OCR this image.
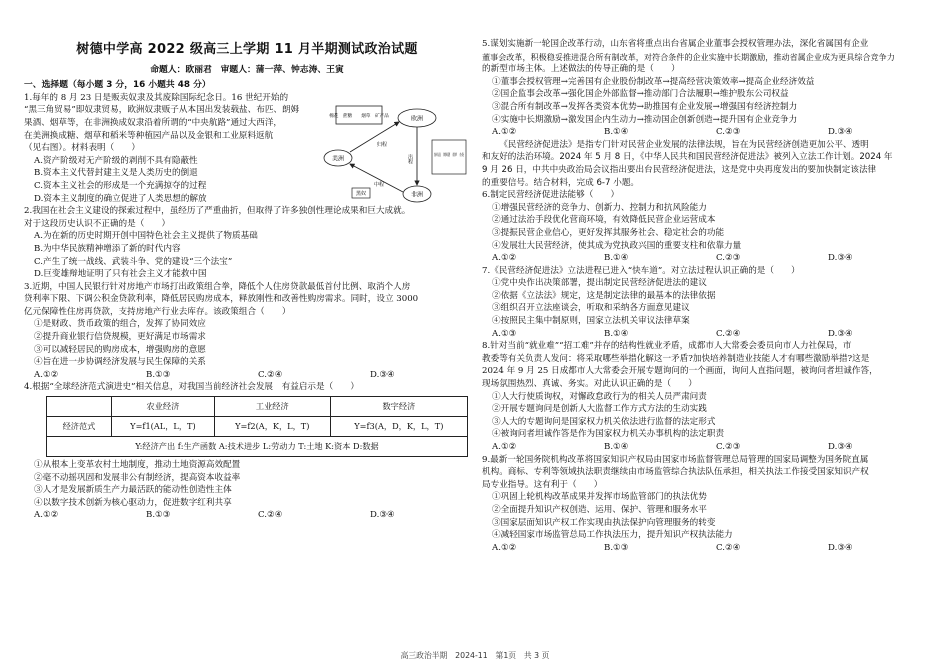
树德中学高 2022 级高三上学期 11 月半期测试政治试题
命题人：欧丽君　审题人：蒲一萍、钟志涛、王寅
一、选择题（每小题 3 分，16 小题共 48 分）

1.每年的 8 月 23 日是贩卖奴隶及其废除国际纪念日。16 世纪开始的

“黑三角贸易”即奴隶贸易，欧洲奴隶贩子从本国出发装载盐、布匹、朗姆

果酒、烟草等，在非洲换成奴隶沿着所谓的“中央航路”通过大西洋，

在美洲换成糖、烟草和稻米等种植园产品以及金银和工业原料返航

（见右图）。材料表明（　　）

A.资产阶级对无产阶级的剥削不具有隐蔽性

B.资本主义代替封建主义是人类历史的倒退

C.资本主义社会的形成是一个充满掠夺的过程

D.资本主义制度的确立促进了人类思想的解放

2.我国在社会主义建设的探索过程中，虽经历了严重曲折，但取得了许多独创性理论成果和巨大成就。

对于这段历史认识不正确的是（　　）

A.为在新的历史时期开创中国特色社会主义提供了物质基础

B.为中华民族精神增添了新的时代内容

C.产生了统一战线、武装斗争、党的建设“三个法宝”

D.巨变雄辩地证明了只有社会主义才能救中国

3.近期，中国人民银行针对房地产市场打出政策组合拳，降低个人住房贷款最低首付比例、取消个人房

贷利率下限、下调公积金贷款利率，降低居民购房成本，释放刚性和改善性购房需求。同时，设立 3000

亿元保障性住房再贷款，支持房地产行业去库存。该政策组合（　　）

①是财政、货币政策的组合，发挥了协同效应

②提升商业银行信贷规模，更好满足市场需求

③可以减轻居民的购房成本，增强购房的意愿

④旨在进一步协调经济发展与民生保障的关系

A.①②	B.①③	C.②④	D.③④

4.根据“全球经济范式演进史”相关信息，对我国当前经济社会发展　有益启示是（　　）

	农业经济	工业经济	数字经济
经济范式	Y=f1(AL，L，T)	Y=f2(A，K，L，T)	Y=f3(A，D，K，L，T)
Y:经济产出 f:生产函数 A:技术进步 L:劳动力 T:土地 K:资本 D:数据			

①从根本上变革农村土地制度，推动土地资源高效配置

②毫不动摇巩固和发展非公有制经济，提高资本收益率

③人才是发展新质生产力最活跃的能动性创造性主体

④以数字技术创新为核心驱动力，促进数字红利共享

A.①②	B.①③	C.②④	D.③④
棉花　蔗糖　　烟草　矿产品	欧洲
美洲
非洲
归程
出程
中程
黑奴
纺织品　朗姆酒　烟草　杂货

5.谋划实施新一轮国企改革行动，山东省将重点出台省属企业董事会授权管理办法，深化省属国有企业

董事会改革，积极稳妥推进混合所有制改革，对符合条件的企业实施中长期激励，推动省属企业成为更具综合竞争力

的新型市场主体。上述做法的传导正确的是（　　）

①董事会授权管理→完善国有企业股份制改革→提高经营决策效率→提高企业经济效益

②国企监事会改革→强化国企外部监督→推动部门合法履职→维护股东公司权益

③混合所有制改革→发挥各类资本优势→助推国有企业发展→增强国有经济控制力

④实施中长期激励→激发国企内生动力→推动国企创新创造→提升国有企业竞争力

A.①②	B.①④	C.②③	D.③④

《民营经济促进法》是指专门针对民营企业发展的法律法规，旨在为民营经济创造更加公平、透明

和友好的法治环境。2024 年 5 月 8 日，《中华人民共和国民营经济促进法》被列入立法工作计划。2024 年

9 月 26 日，中共中央政治局会议指出要出台民营经济促进法，这是党中央再度发出的要加快制定该法律

的重要信号。结合材料，完成 6-7 小题。

6.制定民营经济促进法能够（　　）

①增强民营经济的竞争力、创新力、控制力和抗风险能力

②通过法治手段优化营商环境，有效降低民营企业运营成本

③提振民营企业信心，更好发挥其服务社会、稳定社会的功能

④发展壮大民营经济，使其成为党执政兴国的重要支柱和依靠力量

A.①②	B.①④	C.②③	D.③④

7.《民营经济促进法》立法进程已进入“快车道”。对立法过程认识正确的是（　　）

①党中央作出决策部署，提出制定民营经济促进法的建议

②依据《立法法》规定，这是制定法律的最基本的法律依据

③组织召开立法座谈会，听取和采纳各方面意见建议

④按照民主集中制原则，国家立法机关审议法律草案

A.①③	B.①④	C.②④	D.③④

8.针对当前“就业难”“招工难”并存的结构性就业矛盾，成都市人大常委会委员向市人力社保局，市

教委等有关负责人发问：将采取哪些举措化解这一矛盾?加快培养制造业技能人才有哪些激励举措?这是

2024 年 9 月 25 日成都市人大常委会开展专题询问的一个画面，询问人直指问题，被询问者坦诚作答，

现场氛围热烈、真诚、务实。对此认识正确的是（　　）

①人大行使质询权，对懈政怠政行为的相关人员严肃问责

②开展专题询问是创新人大监督工作方式方法的生动实践

③人大的专题询问是国家权力机关依法进行监督的法定形式

④被询问者坦诚作答是作为国家权力机关办事机构的法定职责

A.①②	B.①④	C.②③	D.③④

9.最新一轮国务院机构改革将国家知识产权局由国家市场监督管理总局管理的国家局调整为国务院直属

机构。商标、专利等领域执法职责继续由市场监管综合执法队伍承担，相关执法工作接受国家知识产权

局专业指导。这有利于（　　）

①巩固上轮机构改革成果并发挥市场监管部门的执法优势

②全面提升知识产权创造、运用、保护、管理和服务水平

③国家层面知识产权工作实现由执法保护向管理服务的转变

④减轻国家市场监管总局工作执法压力，提升知识产权执法能力

A.①②	B.①③	C.②④	D.③④
高三政治半期　2024-11　第1页　共 3 页
